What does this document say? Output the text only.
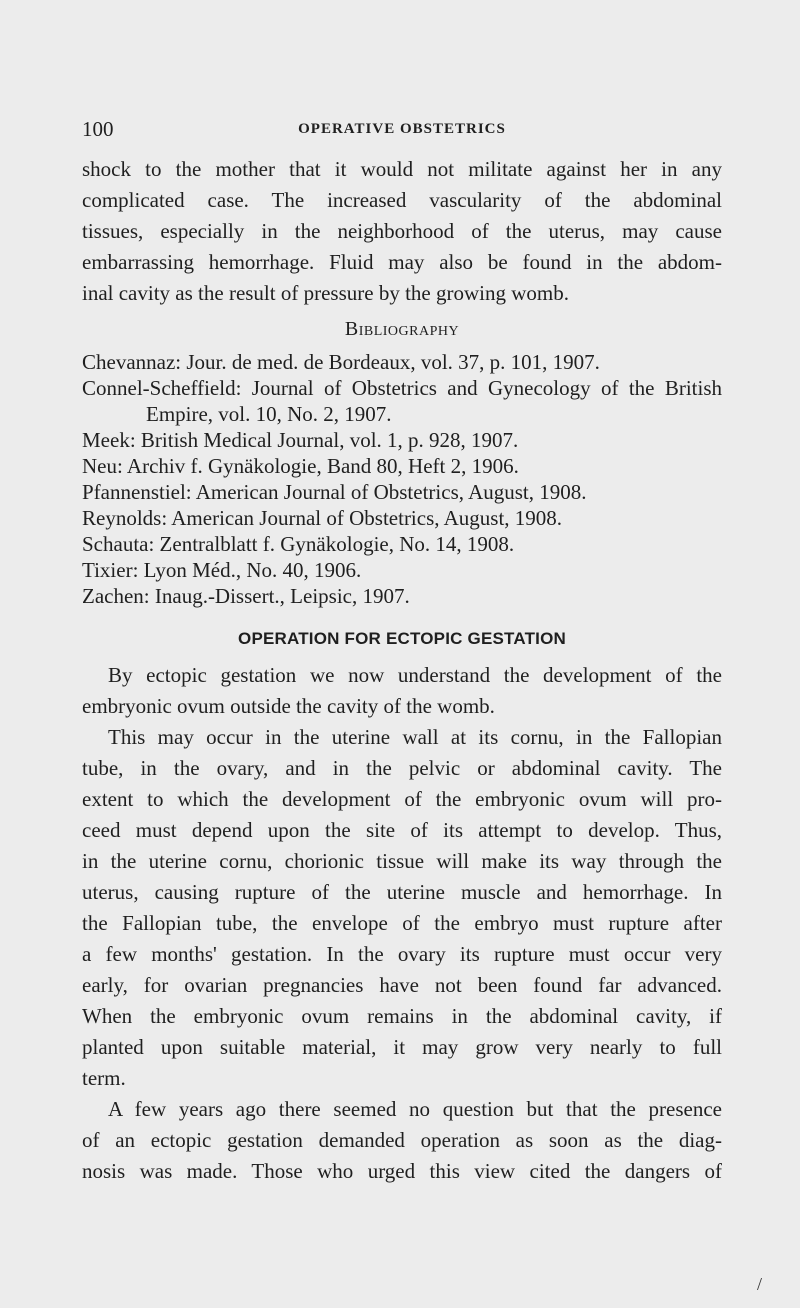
100	OPERATIVE OBSTETRICS
shock to the mother that it would not militate against her in any
complicated case. The increased vascularity of the abdominal
tissues, especially in the neighborhood of the uterus, may cause
embarrassing hemorrhage. Fluid may also be found in the abdom-
inal cavity as the result of pressure by the growing womb.
Bibliography
Chevannaz: Jour. de med. de Bordeaux, vol. 37, p. 101, 1907.
Connel-Scheffield: Journal of Obstetrics and Gynecology of the British
Empire, vol. 10, No. 2, 1907.
Meek: British Medical Journal, vol. 1, p. 928, 1907.
Neu: Archiv f. Gynäkologie, Band 80, Heft 2, 1906.
Pfannenstiel: American Journal of Obstetrics, August, 1908.
Reynolds: American Journal of Obstetrics, August, 1908.
Schauta: Zentralblatt f. Gynäkologie, No. 14, 1908.
Tixier: Lyon Méd., No. 40, 1906.
Zachen: Inaug.-Dissert., Leipsic, 1907.
OPERATION FOR ECTOPIC GESTATION
By ectopic gestation we now understand the development of the
embryonic ovum outside the cavity of the womb.
This may occur in the uterine wall at its cornu, in the Fallopian
tube, in the ovary, and in the pelvic or abdominal cavity. The
extent to which the development of the embryonic ovum will pro-
ceed must depend upon the site of its attempt to develop. Thus,
in the uterine cornu, chorionic tissue will make its way through the
uterus, causing rupture of the uterine muscle and hemorrhage. In
the Fallopian tube, the envelope of the embryo must rupture after
a few months' gestation. In the ovary its rupture must occur very
early, for ovarian pregnancies have not been found far advanced.
When the embryonic ovum remains in the abdominal cavity, if
planted upon suitable material, it may grow very nearly to full
term.
A few years ago there seemed no question but that the presence
of an ectopic gestation demanded operation as soon as the diag-
nosis was made. Those who urged this view cited the dangers of
/
